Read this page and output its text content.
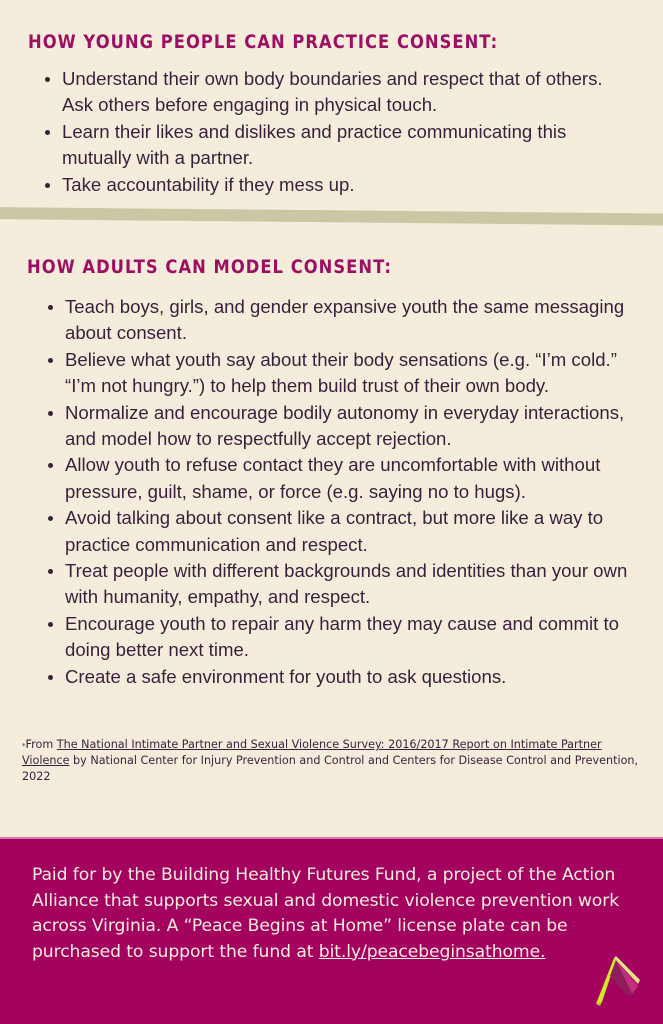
HOW YOUNG PEOPLE CAN PRACTICE CONSENT:
Understand their own body boundaries and respect that of others. Ask others before engaging in physical touch.
Learn their likes and dislikes and practice communicating this mutually with a partner.
Take accountability if they mess up.
HOW ADULTS CAN MODEL CONSENT:
Teach boys, girls, and gender expansive youth the same messaging about consent.
Believe what youth say about their body sensations (e.g. “I’m cold.” “I’m not hungry.”) to help them build trust of their own body.
Normalize and encourage bodily autonomy in everyday interactions, and model how to respectfully accept rejection.
Allow youth to refuse contact they are uncomfortable with without pressure, guilt, shame, or force (e.g. saying no to hugs).
Avoid talking about consent like a contract, but more like a way to practice communication and respect.
Treat people with different backgrounds and identities than your own with humanity, empathy, and respect.
Encourage youth to repair any harm they may cause and commit to doing better next time.
Create a safe environment for youth to ask questions.

*From The National Intimate Partner and Sexual Violence Survey: 2016/2017 Report on Intimate Partner Violence by National Center for Injury Prevention and Control and Centers for Disease Control and Prevention, 2022

Paid for by the Building Healthy Futures Fund, a project of the Action Alliance that supports sexual and domestic violence prevention work across Virginia. A “Peace Begins at Home” license plate can be purchased to support the fund at bit.ly/peacebeginsathome.
